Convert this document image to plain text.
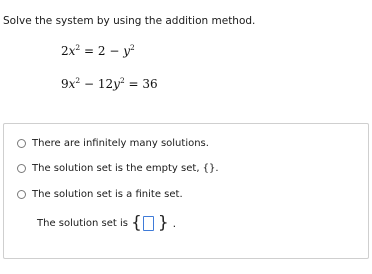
Solve the system by using the addition method.
$2x^2 = 2 - y^2$
$9x^2 - 12y^2 = 36$
There are infinitely many solutions.
The solution set is the empty set, {}.
The solution set is a finite set.
The solution set is { } .
